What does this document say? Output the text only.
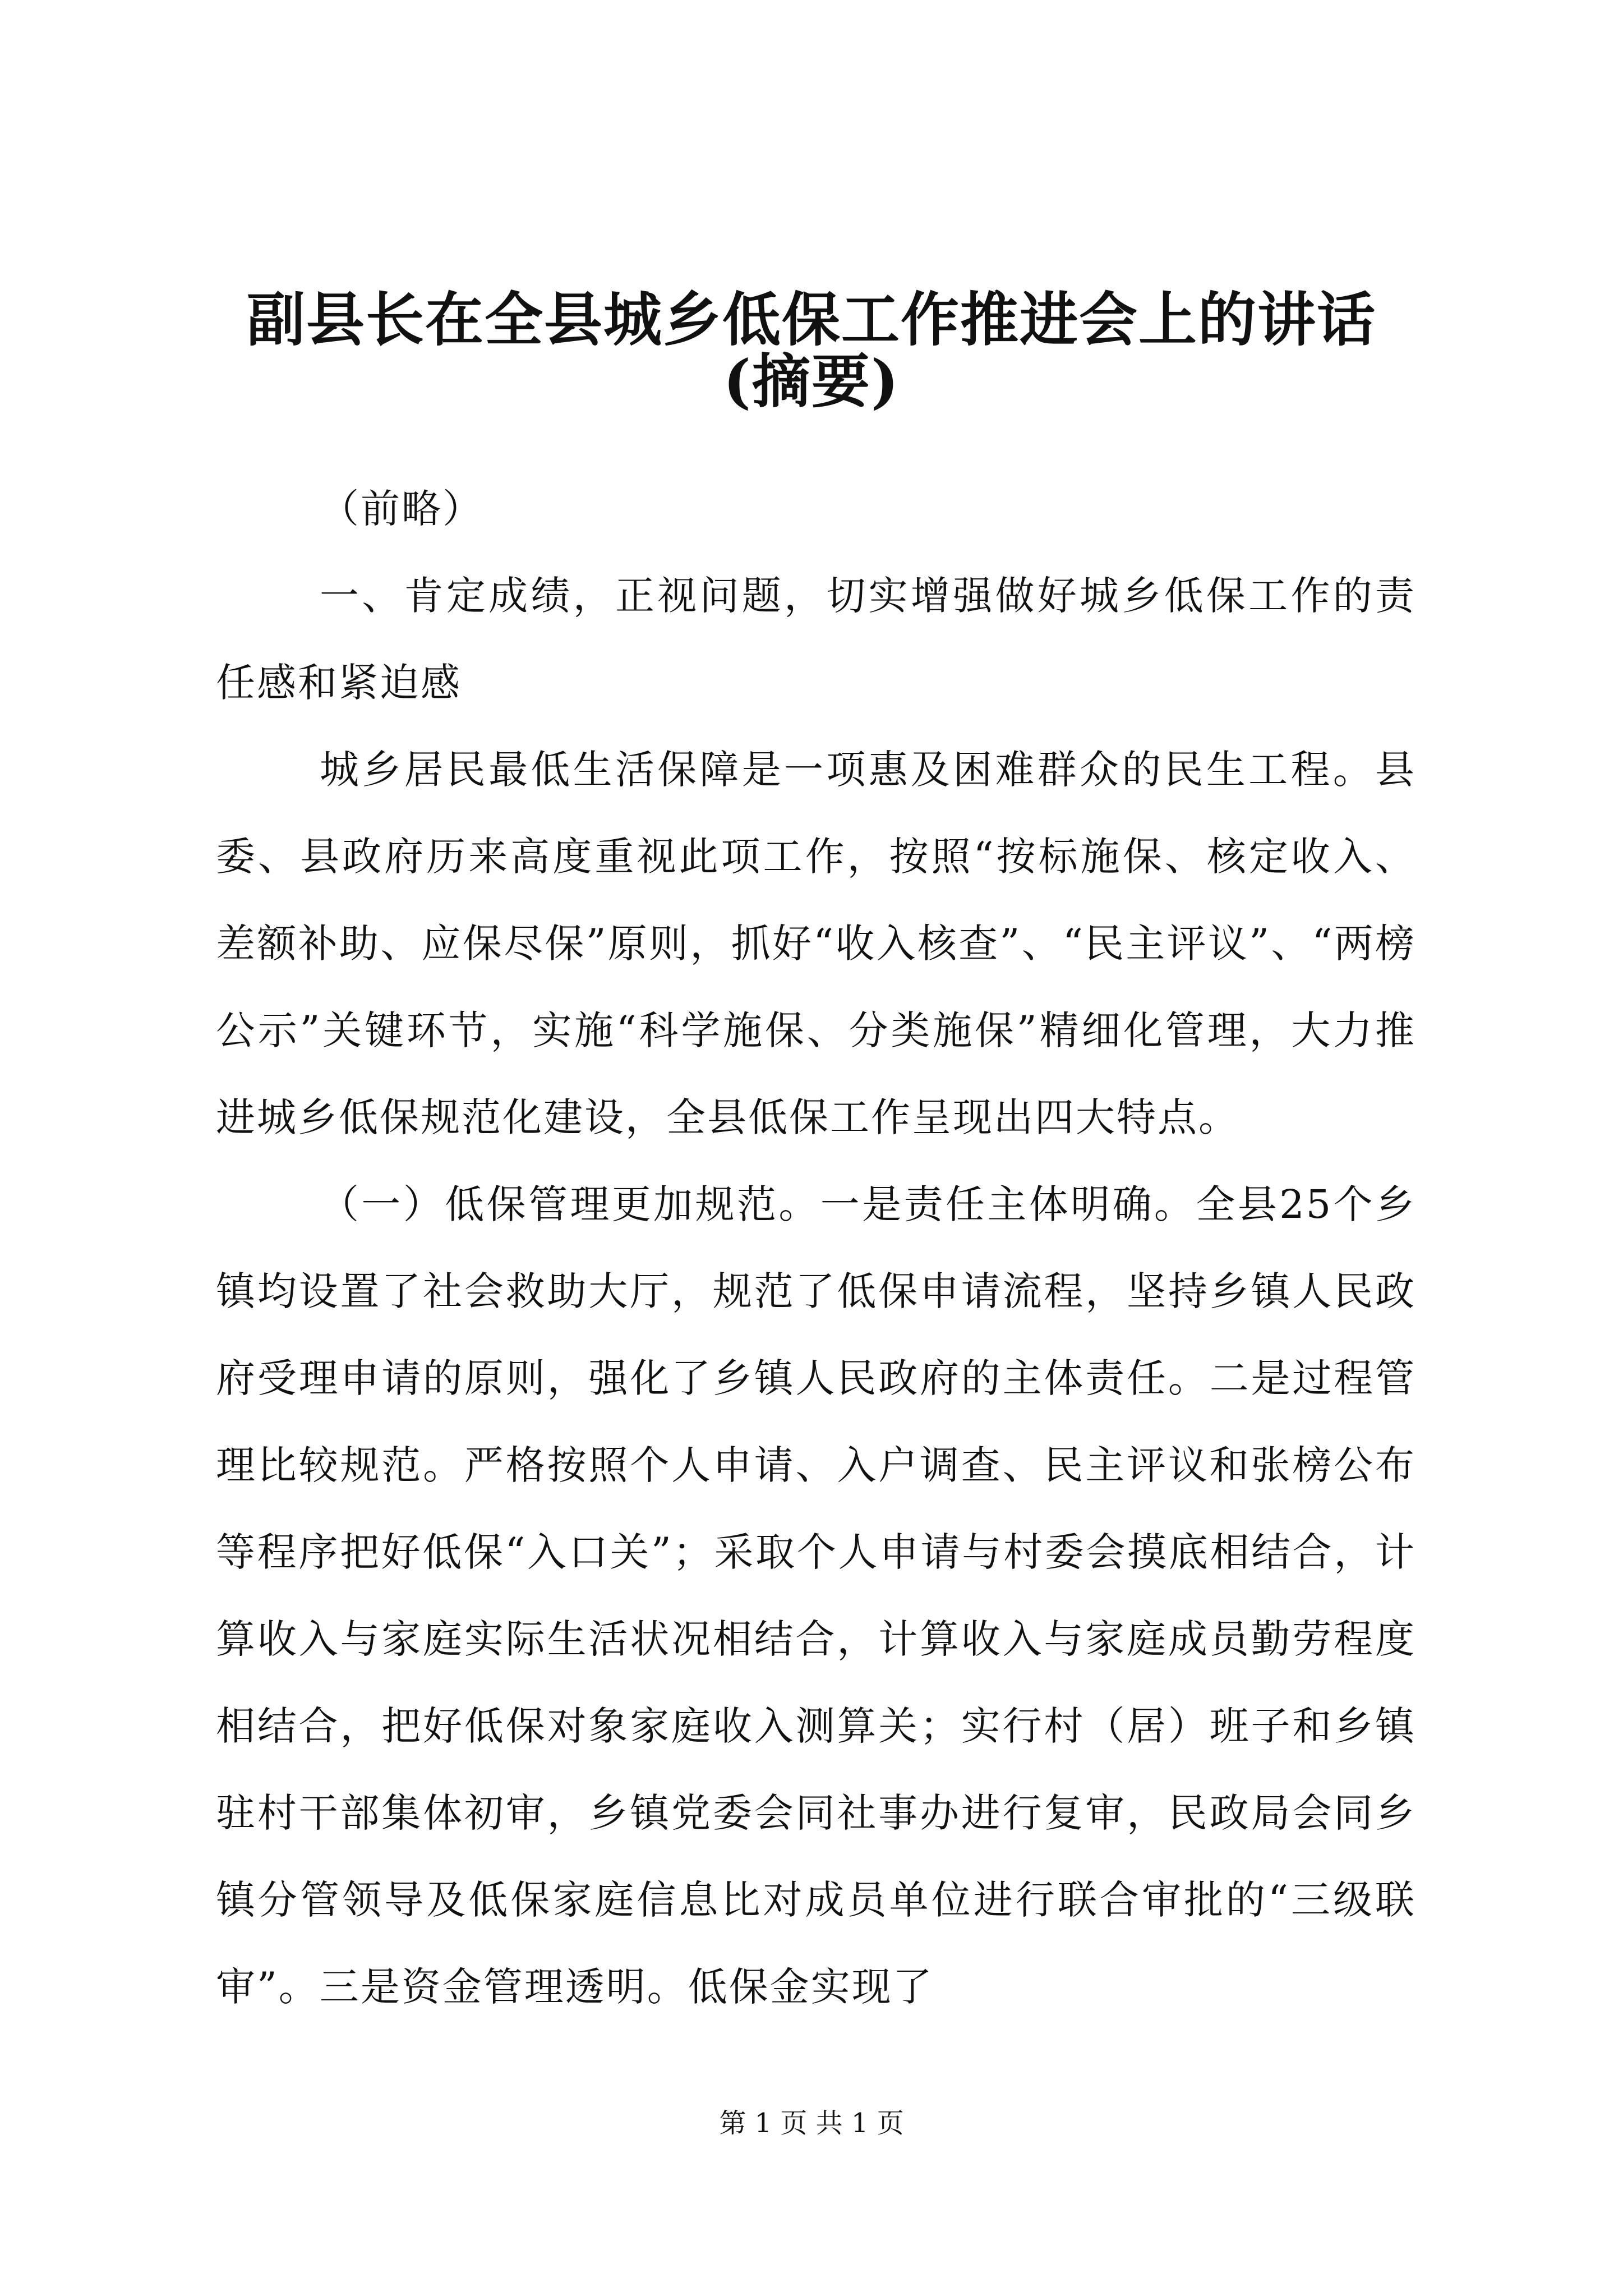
副县长在全县城乡低保工作推进会上的讲话
(摘要)

（前略）

一、肯定成绩，正视问题，切实增强做好城乡低保工作的责任感和紧迫感

城乡居民最低生活保障是一项惠及困难群众的民生工程。县委、县政府历来高度重视此项工作，按照“按标施保、核定收入、差额补助、应保尽保”原则，抓好“收入核查”、“民主评议”、“两榜公示”关键环节，实施“科学施保、分类施保”精细化管理，大力推进城乡低保规范化建设，全县低保工作呈现出四大特点。

（一）低保管理更加规范。一是责任主体明确。全县25个乡镇均设置了社会救助大厅，规范了低保申请流程，坚持乡镇人民政府受理申请的原则，强化了乡镇人民政府的主体责任。二是过程管理比较规范。严格按照个人申请、入户调查、民主评议和张榜公布等程序把好低保“入口关”；采取个人申请与村委会摸底相结合，计算收入与家庭实际生活状况相结合，计算收入与家庭成员勤劳程度相结合，把好低保对象家庭收入测算关；实行村（居）班子和乡镇驻村干部集体初审，乡镇党委会同社事办进行复审，民政局会同乡镇分管领导及低保家庭信息比对成员单位进行联合审批的“三级联审”。三是资金管理透明。低保金实现了

第 1 页 共 1 页
